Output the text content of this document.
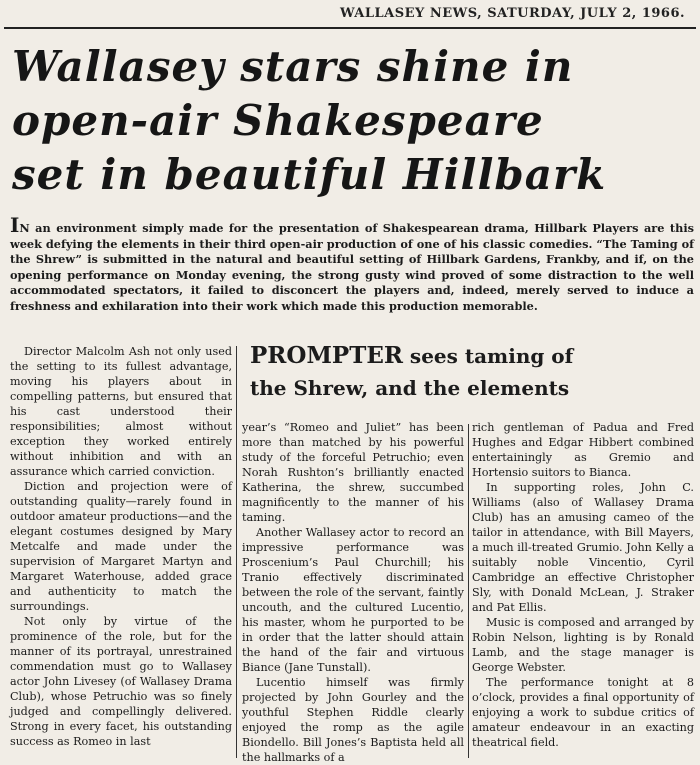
WALLASEY NEWS, SATURDAY, JULY 2, 1966.
Wallasey stars shine in
open-air Shakespeare
set in beautiful Hillbark
IN an environment simply made for the presentation of Shakespearean drama, Hillbark Players are this week defying the elements in their third open-air production of one of his classic comedies. “The Taming of the Shrew” is submitted in the natural and beautiful setting of Hillbark Gardens, Frankby, and if, on the opening performance on Monday evening, the strong gusty wind proved of some distraction to the well accommodated spectators, it failed to disconcert the players and, indeed, merely served to induce a freshness and exhilaration into their work which made this production memorable.

Director Malcolm Ash not only used the setting to its fullest advantage, moving his players about in compelling patterns, but ensured that his cast understood their responsibilities; almost without exception they worked entirely without inhibition and with an assurance which carried conviction.

Diction and projection were of outstanding quality—rarely found in outdoor amateur productions—and the elegant costumes designed by Mary Metcalfe and made under the supervision of Margaret Martyn and Margaret Waterhouse, added grace and authenticity to match the surroundings.

Not only by virtue of the prominence of the role, but for the manner of its portrayal, unrestrained commendation must go to Wallasey actor John Livesey (of Wallasey Drama Club), whose Petruchio was so finely judged and compellingly delivered. Strong in every facet, his outstanding success as Romeo in last

PROMPTER sees taming of
the Shrew, and the elements

year’s “Romeo and Juliet” has been more than matched by his powerful study of the forceful Petruchio; even Norah Rushton’s brilliantly enacted Katherina, the shrew, succumbed magnificently to the manner of his taming.

Another Wallasey actor to record an impressive performance was Proscenium’s Paul Churchill; his Tranio effectively discriminated between the role of the servant, faintly uncouth, and the cultured Lucentio, his master, whom he purported to be in order that the latter should attain the hand of the fair and virtuous Biance (Jane Tunstall).

Lucentio himself was firmly projected by John Gourley and the youthful Stephen Riddle clearly enjoyed the romp as the agile Biondello. Bill Jones’s Baptista held all the hallmarks of a

rich gentleman of Padua and Fred Hughes and Edgar Hibbert combined entertainingly as Gremio and Hortensio suitors to Bianca.

In supporting roles, John C. Williams (also of Wallasey Drama Club) has an amusing cameo of the tailor in attendance, with Bill Mayers, a much ill-treated Grumio. John Kelly a suitably noble Vincentio, Cyril Cambridge an effective Christopher Sly, with Donald McLean, J. Straker and Pat Ellis.

Music is composed and arranged by Robin Nelson, lighting is by Ronald Lamb, and the stage manager is George Webster.

The performance tonight at 8 o’clock, provides a final opportunity of enjoying a work to subdue critics of amateur endeavour in an exacting theatrical field.
